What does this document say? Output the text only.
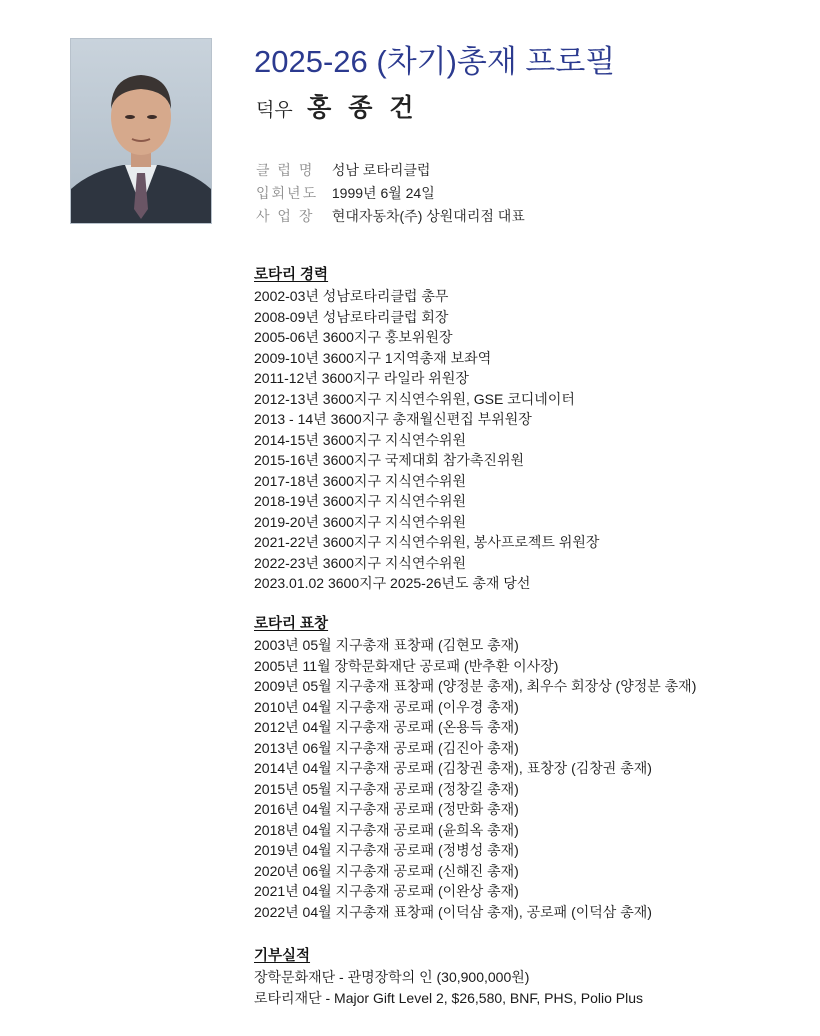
2025-26 (차기)총재 프로필
덕우 홍 종 건
클 럽 명 성남 로타리클럽
입회년도 1999년 6월 24일
사 업 장 현대자동차(주) 상원대리점 대표
로타리 경력
2002-03년 성남로타리클럽 총무
2008-09년 성남로타리클럽 회장
2005-06년 3600지구 홍보위원장
2009-10년 3600지구 1지역총재 보좌역
2011-12년 3600지구 라일라 위원장
2012-13년 3600지구 지식연수위원, GSE 코디네이터
2013 - 14년 3600지구 총재월신편집 부위원장
2014-15년 3600지구 지식연수위원
2015-16년 3600지구 국제대회 참가촉진위원
2017-18년 3600지구 지식연수위원
2018-19년 3600지구 지식연수위원
2019-20년 3600지구 지식연수위원
2021-22년 3600지구 지식연수위원, 봉사프로젝트 위원장
2022-23년 3600지구 지식연수위원
2023.01.02 3600지구 2025-26년도 총재 당선
로타리 표창
2003년 05월 지구총재 표창패 (김현모 총재)
2005년 11월 장학문화재단 공로패 (반추환 이사장)
2009년 05월 지구총재 표창패 (양정분 총재), 최우수 회장상 (양정분 총재)
2010년 04월 지구총재 공로패 (이우경 총재)
2012년 04월 지구총재 공로패 (온용득 총재)
2013년 06월 지구총재 공로패 (김진아 총재)
2014년 04월 지구총재 공로패 (김창권 총재), 표창장 (김창권 총재)
2015년 05월 지구총재 공로패 (정창길 총재)
2016년 04월 지구총재 공로패 (정만화 총재)
2018년 04월 지구총재 공로패 (윤희옥 총재)
2019년 04월 지구총재 공로패 (정병성 총재)
2020년 06월 지구총재 공로패 (신해진 총재)
2021년 04월 지구총재 공로패 (이완상 총재)
2022년 04월 지구총재 표창패 (이덕삼 총재), 공로패 (이덕삼 총재)
기부실적
장학문화재단 - 관명장학의 인 (30,900,000원)
로타리재단 - Major Gift Level 2, $26,580, BNF, PHS, Polio Plus
